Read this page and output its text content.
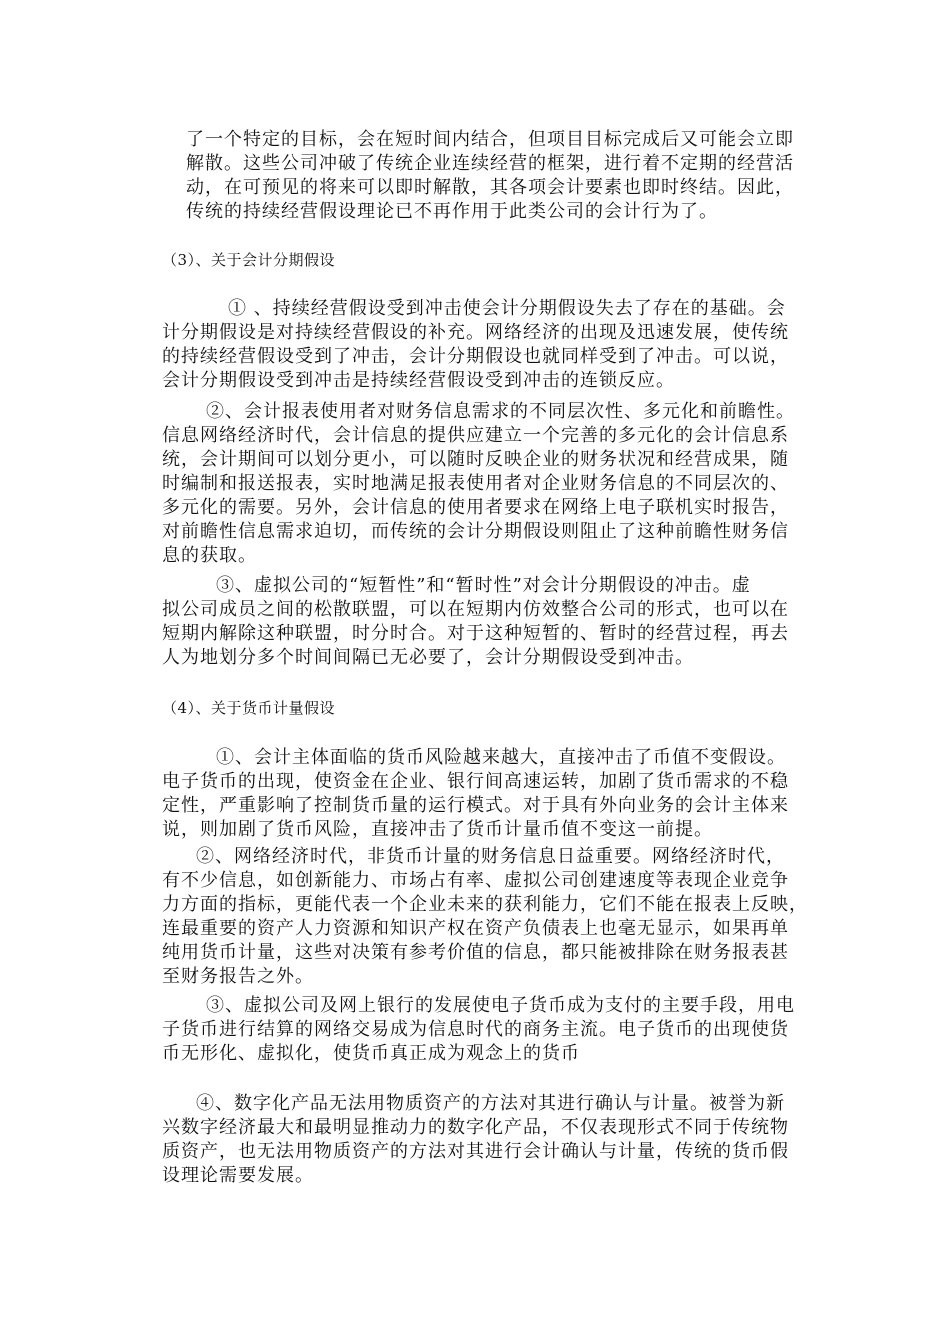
了一个特定的目标，会在短时间内结合，但项目目标完成后又可能会立即
解散。这些公司冲破了传统企业连续经营的框架，进行着不定期的经营活
动，在可预见的将来可以即时解散，其各项会计要素也即时终结。因此，
传统的持续经营假设理论已不再作用于此类公司的会计行为了。
（3）、关于会计分期假设
① 、持续经营假设受到冲击使会计分期假设失去了存在的基础。会
计分期假设是对持续经营假设的补充。网络经济的出现及迅速发展，使传统
的持续经营假设受到了冲击，会计分期假设也就同样受到了冲击。可以说，
会计分期假设受到冲击是持续经营假设受到冲击的连锁反应。
②、会计报表使用者对财务信息需求的不同层次性、多元化和前瞻性。
信息网络经济时代，会计信息的提供应建立一个完善的多元化的会计信息系
统，会计期间可以划分更小，可以随时反映企业的财务状况和经营成果，随
时编制和报送报表，实时地满足报表使用者对企业财务信息的不同层次的、
多元化的需要。另外，会计信息的使用者要求在网络上电子联机实时报告，
对前瞻性信息需求迫切，而传统的会计分期假设则阻止了这种前瞻性财务信
息的获取。
③、虚拟公司的“短暂性”和“暂时性”对会计分期假设的冲击。虚
拟公司成员之间的松散联盟，可以在短期内仿效整合公司的形式，也可以在
短期内解除这种联盟，时分时合。对于这种短暂的、暂时的经营过程，再去
人为地划分多个时间间隔已无必要了，会计分期假设受到冲击。
（4）、关于货币计量假设
①、会计主体面临的货币风险越来越大，直接冲击了币值不变假设。
电子货币的出现，使资金在企业、银行间高速运转，加剧了货币需求的不稳
定性，严重影响了控制货币量的运行模式。对于具有外向业务的会计主体来
说，则加剧了货币风险，直接冲击了货币计量币值不变这一前提。
②、网络经济时代，非货币计量的财务信息日益重要。网络经济时代，
有不少信息，如创新能力、市场占有率、虚拟公司创建速度等表现企业竞争
力方面的指标，更能代表一个企业未来的获利能力，它们不能在报表上反映，
连最重要的资产人力资源和知识产权在资产负债表上也毫无显示，如果再单
纯用货币计量，这些对决策有参考价值的信息，都只能被排除在财务报表甚
至财务报告之外。
③、虚拟公司及网上银行的发展使电子货币成为支付的主要手段，用电
子货币进行结算的网络交易成为信息时代的商务主流。电子货币的出现使货
币无形化、虚拟化，使货币真正成为观念上的货币
④、数字化产品无法用物质资产的方法对其进行确认与计量。被誉为新
兴数字经济最大和最明显推动力的数字化产品，不仅表现形式不同于传统物
质资产，也无法用物质资产的方法对其进行会计确认与计量，传统的货币假
设理论需要发展。
